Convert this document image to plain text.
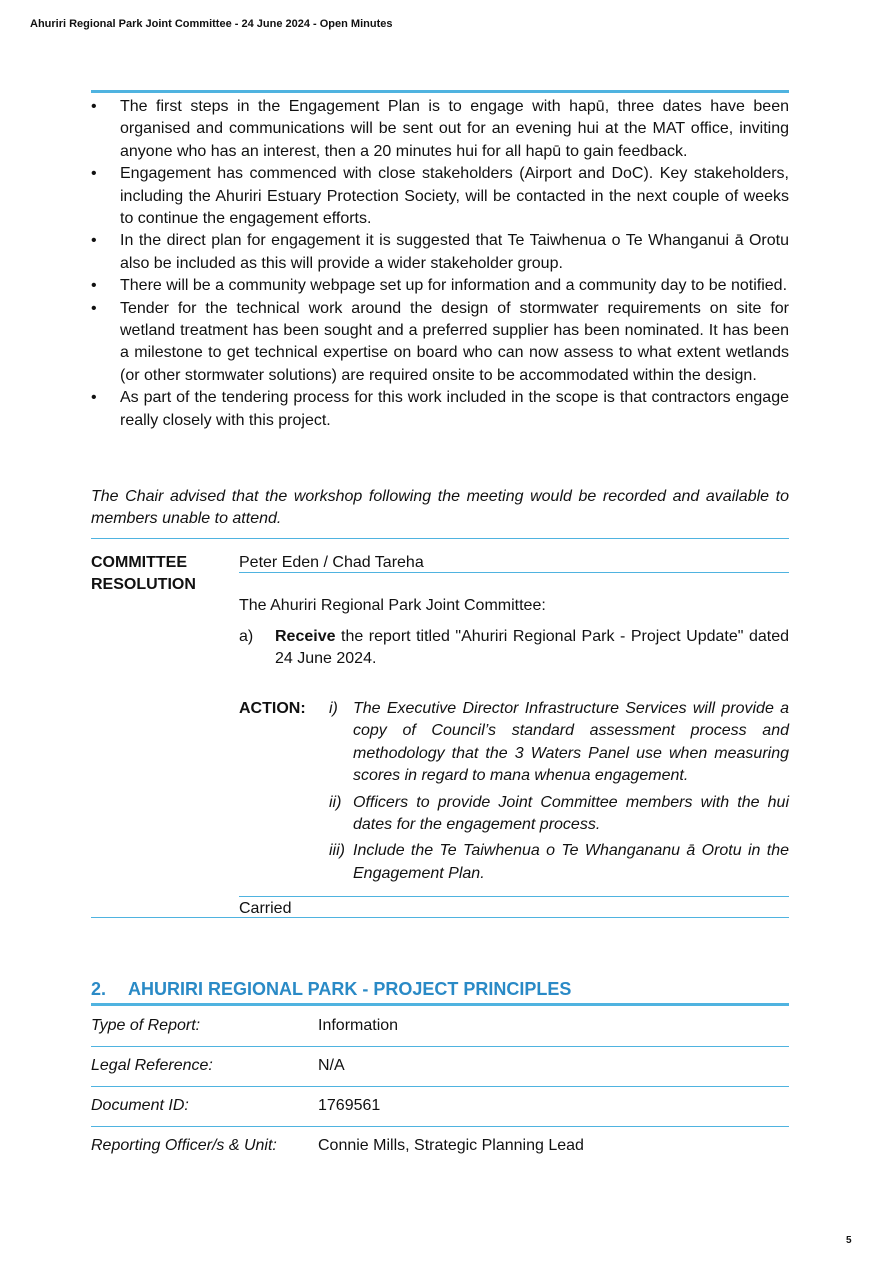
Ahuriri Regional Park Joint Committee - 24 June 2024 - Open Minutes
• The first steps in the Engagement Plan is to engage with hapū, three dates have been organised and communications will be sent out for an evening hui at the MAT office, inviting anyone who has an interest, then a 20 minutes hui for all hapū to gain feedback.
• Engagement has commenced with close stakeholders (Airport and DoC). Key stakeholders, including the Ahuriri Estuary Protection Society, will be contacted in the next couple of weeks to continue the engagement efforts.
• In the direct plan for engagement it is suggested that Te Taiwhenua o Te Whanganui ā Orotu also be included as this will provide a wider stakeholder group.
• There will be a community webpage set up for information and a community day to be notified.
• Tender for the technical work around the design of stormwater requirements on site for wetland treatment has been sought and a preferred supplier has been nominated. It has been a milestone to get technical expertise on board who can now assess to what extent wetlands (or other stormwater solutions) are required onsite to be accommodated within the design.
• As part of the tendering process for this work included in the scope is that contractors engage really closely with this project.
The Chair advised that the workshop following the meeting would be recorded and available to members unable to attend.
COMMITTEE
RESOLUTION
Peter Eden / Chad Tareha
The Ahuriri Regional Park Joint Committee:
a) Receive the report titled "Ahuriri Regional Park - Project Update" dated 24 June 2024.
ACTION: i) The Executive Director Infrastructure Services will provide a copy of Council’s standard assessment process and methodology that the 3 Waters Panel use when measuring scores in regard to mana whenua engagement.
ii) Officers to provide Joint Committee members with the hui dates for the engagement process.
iii) Include the Te Taiwhenua o Te Whangananu ā Orotu in the Engagement Plan.
Carried
2. AHURIRI REGIONAL PARK - PROJECT PRINCIPLES
Type of Report:	Information
Legal Reference:	N/A
Document ID:	1769561
Reporting Officer/s & Unit:	Connie Mills, Strategic Planning Lead
5
